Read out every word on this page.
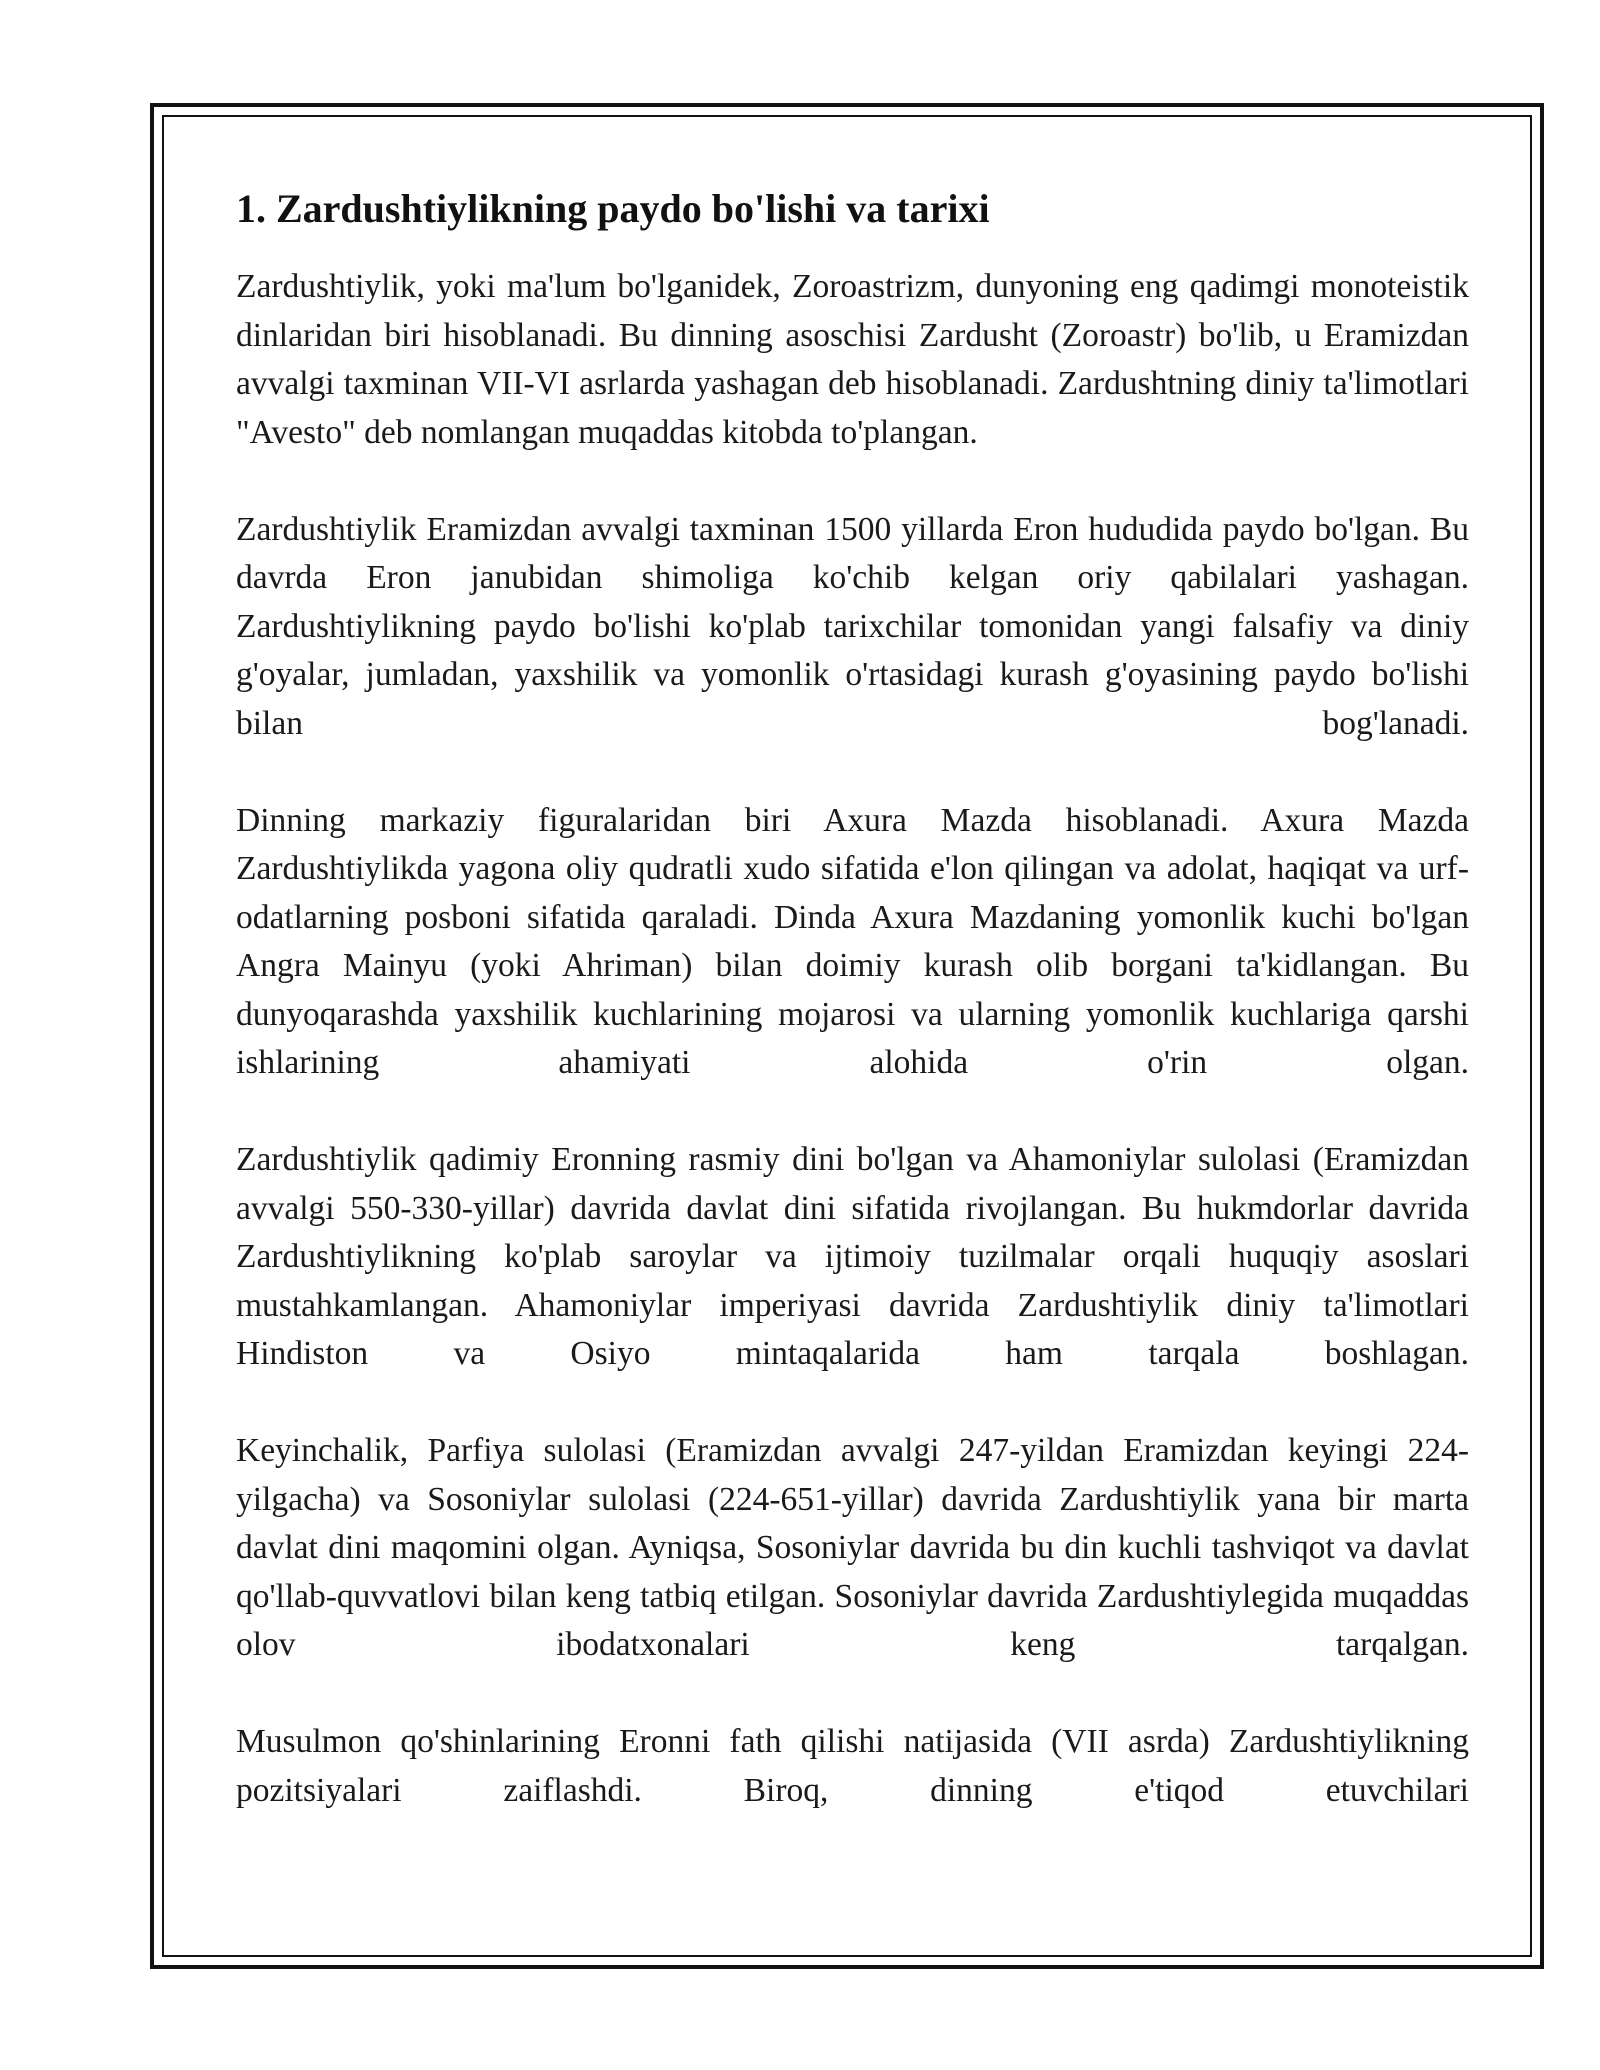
1. Zardushtiylikning paydo bo'lishi va tarixi

Zardushtiylik, yoki ma'lum bo'lganidek, Zoroastrizm, dunyoning eng qadimgi monoteistik dinlaridan biri hisoblanadi. Bu dinning asoschisi Zardusht (Zoroastr) bo'lib, u Eramizdan avvalgi taxminan VII-VI asrlarda yashagan deb hisoblanadi. Zardushtning diniy ta'limotlari "Avesto" deb nomlangan muqaddas kitobda to'plangan.

Zardushtiylik Eramizdan avvalgi taxminan 1500 yillarda Eron hududida paydo bo'lgan. Bu davrda Eron janubidan shimoliga ko'chib kelgan oriy qabilalari yashagan. Zardushtiylikning paydo bo'lishi ko'plab tarixchilar tomonidan yangi falsafiy va diniy g'oyalar, jumladan, yaxshilik va yomonlik o'rtasidagi kurash g'oyasining paydo bo'lishi bilan bog'lanadi.

Dinning markaziy figuralaridan biri Axura Mazda hisoblanadi. Axura Mazda Zardushtiylikda yagona oliy qudratli xudo sifatida e'lon qilingan va adolat, haqiqat va urf-odatlarning posboni sifatida qaraladi. Dinda Axura Mazdaning yomonlik kuchi bo'lgan Angra Mainyu (yoki Ahriman) bilan doimiy kurash olib borgani ta'kidlangan. Bu dunyoqarashda yaxshilik kuchlarining mojarosi va ularning yomonlik kuchlariga qarshi ishlarining ahamiyati alohida o'rin olgan.

Zardushtiylik qadimiy Eronning rasmiy dini bo'lgan va Ahamoniylar sulolasi (Eramizdan avvalgi 550-330-yillar) davrida davlat dini sifatida rivojlangan. Bu hukmdorlar davrida Zardushtiylikning ko'plab saroylar va ijtimoiy tuzilmalar orqali huquqiy asoslari mustahkamlangan. Ahamoniylar imperiyasi davrida Zardushtiylik diniy ta'limotlari Hindiston va Osiyo mintaqalarida ham tarqala boshlagan.

Keyinchalik, Parfiya sulolasi (Eramizdan avvalgi 247-yildan Eramizdan keyingi 224-yilgacha) va Sosoniylar sulolasi (224-651-yillar) davrida Zardushtiylik yana bir marta davlat dini maqomini olgan. Ayniqsa, Sosoniylar davrida bu din kuchli tashviqot va davlat qo'llab-quvvatlovi bilan keng tatbiq etilgan. Sosoniylar davrida Zardushtiylegida muqaddas olov ibodatxonalari keng tarqalgan.

Musulmon qo'shinlarining Eronni fath qilishi natijasida (VII asrda) Zardushtiylikning pozitsiyalari zaiflashdi. Biroq, dinning e'tiqod etuvchilari
